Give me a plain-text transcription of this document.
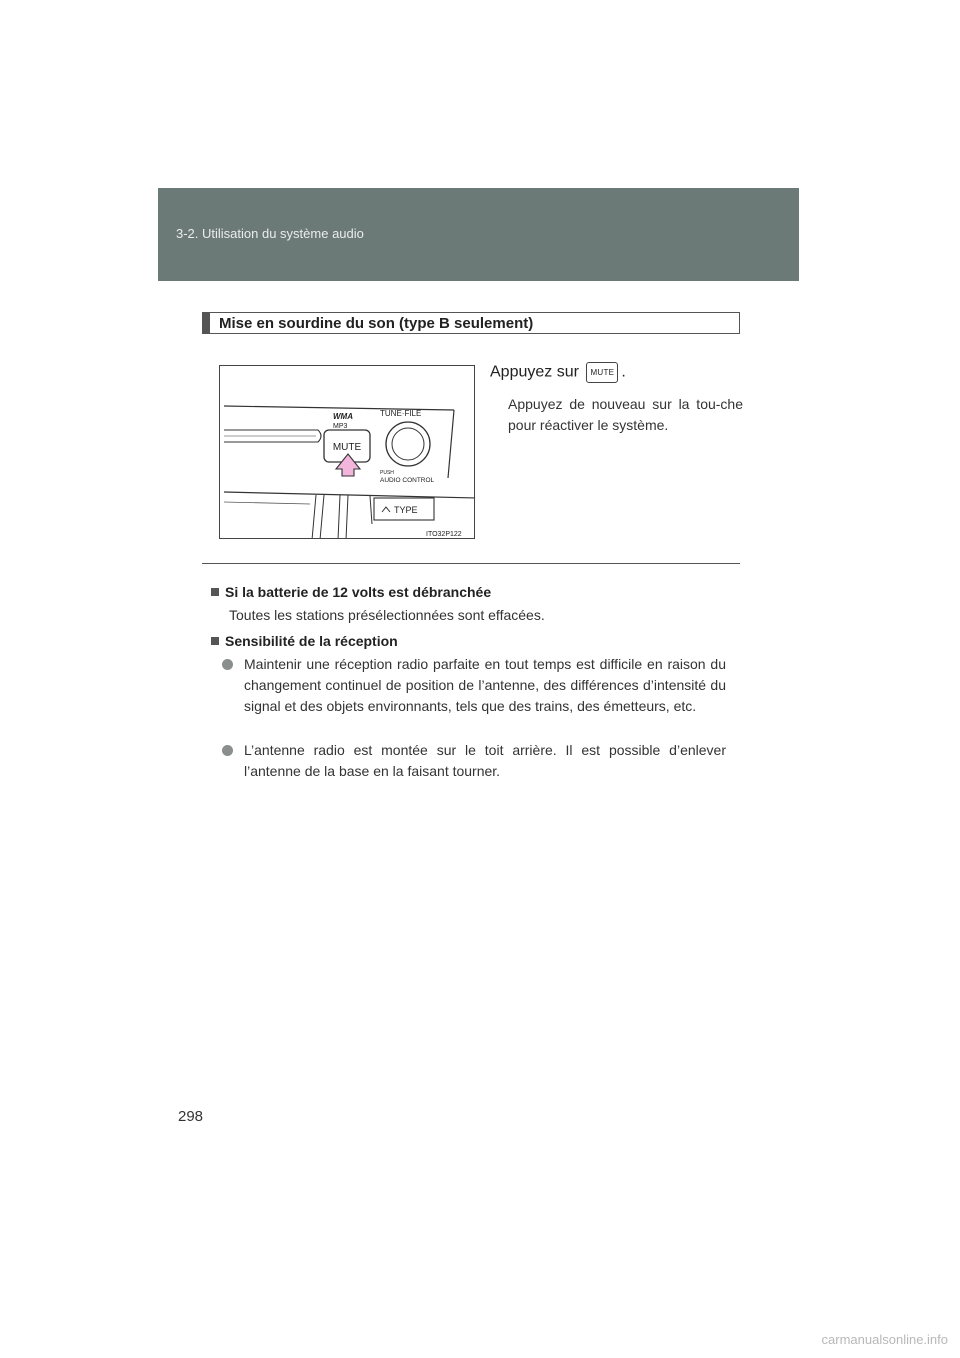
3-2. Utilisation du système audio
Mise en sourdine du son (type B seulement)
MUTE
WMA
MP3
TUNE·FILE
PUSH
AUDIO CONTROL
TYPE
ITO32P122
Appuyez sur MUTE .
Appuyez de nouveau sur la tou-che pour réactiver le système.
Si la batterie de 12 volts est débranchée
Toutes les stations présélectionnées sont effacées.
Sensibilité de la réception
Maintenir une réception radio parfaite en tout temps est difficile en raison du changement continuel de position de l’antenne, des différences d’intensité du signal et des objets environnants, tels que des trains, des émetteurs, etc.
L’antenne radio est montée sur le toit arrière. Il est possible d’enlever l’antenne de la base en la faisant tourner.
298
carmanualsonline.info
